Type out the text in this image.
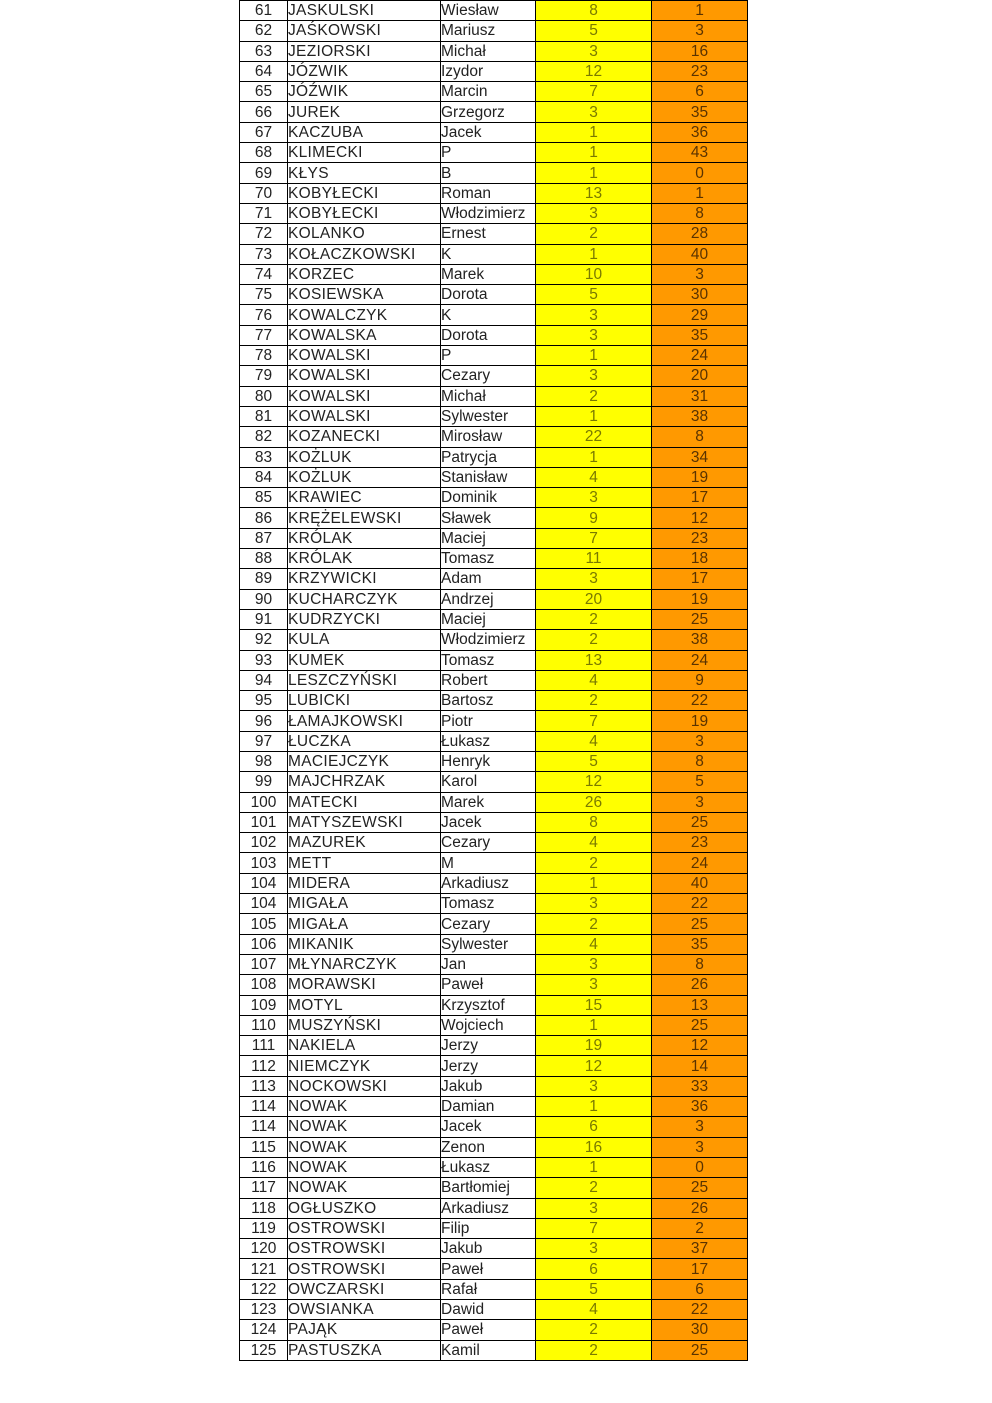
61	JASKULSKI	Wiesław	8	1
62	JAŚKOWSKI	Mariusz	5	3
63	JEZIORSKI	Michał	3	16
64	JÓZWIK	Izydor	12	23
65	JÓŹWIK	Marcin	7	6
66	JUREK	Grzegorz	3	35
67	KACZUBA	Jacek	1	36
68	KLIMECKI	P	1	43
69	KŁYS	B	1	0
70	KOBYŁECKI	Roman	13	1
71	KOBYŁECKI	Włodzimierz	3	8
72	KOLANKO	Ernest	2	28
73	KOŁACZKOWSKI	K	1	40
74	KORZEC	Marek	10	3
75	KOSIEWSKA	Dorota	5	30
76	KOWALCZYK	K	3	29
77	KOWALSKA	Dorota	3	35
78	KOWALSKI	P	1	24
79	KOWALSKI	Cezary	3	20
80	KOWALSKI	Michał	2	31
81	KOWALSKI	Sylwester	1	38
82	KOZANECKI	Mirosław	22	8
83	KOŻLUK	Patrycja	1	34
84	KOŻLUK	Stanisław	4	19
85	KRAWIEC	Dominik	3	17
86	KRĘŻELEWSKI	Sławek	9	12
87	KRÓLAK	Maciej	7	23
88	KRÓLAK	Tomasz	11	18
89	KRZYWICKI	Adam	3	17
90	KUCHARCZYK	Andrzej	20	19
91	KUDRZYCKI	Maciej	2	25
92	KULA	Włodzimierz	2	38
93	KUMEK	Tomasz	13	24
94	LESZCZYŃSKI	Robert	4	9
95	LUBICKI	Bartosz	2	22
96	ŁAMAJKOWSKI	Piotr	7	19
97	ŁUCZKA	Łukasz	4	3
98	MACIEJCZYK	Henryk	5	8
99	MAJCHRZAK	Karol	12	5
100	MATECKI	Marek	26	3
101	MATYSZEWSKI	Jacek	8	25
102	MAZUREK	Cezary	4	23
103	METT	M	2	24
104	MIDERA	Arkadiusz	1	40
104	MIGAŁA	Tomasz	3	22
105	MIGAŁA	Cezary	2	25
106	MIKANIK	Sylwester	4	35
107	MŁYNARCZYK	Jan	3	8
108	MORAWSKI	Paweł	3	26
109	MOTYL	Krzysztof	15	13
110	MUSZYŃSKI	Wojciech	1	25
111	NAKIELA	Jerzy	19	12
112	NIEMCZYK	Jerzy	12	14
113	NOCKOWSKI	Jakub	3	33
114	NOWAK	Damian	1	36
114	NOWAK	Jacek	6	3
115	NOWAK	Zenon	16	3
116	NOWAK	Łukasz	1	0
117	NOWAK	Bartłomiej	2	25
118	OGŁUSZKO	Arkadiusz	3	26
119	OSTROWSKI	Filip	7	2
120	OSTROWSKI	Jakub	3	37
121	OSTROWSKI	Paweł	6	17
122	OWCZARSKI	Rafał	5	6
123	OWSIANKA	Dawid	4	22
124	PAJĄK	Paweł	2	30
125	PASTUSZKA	Kamil	2	25
